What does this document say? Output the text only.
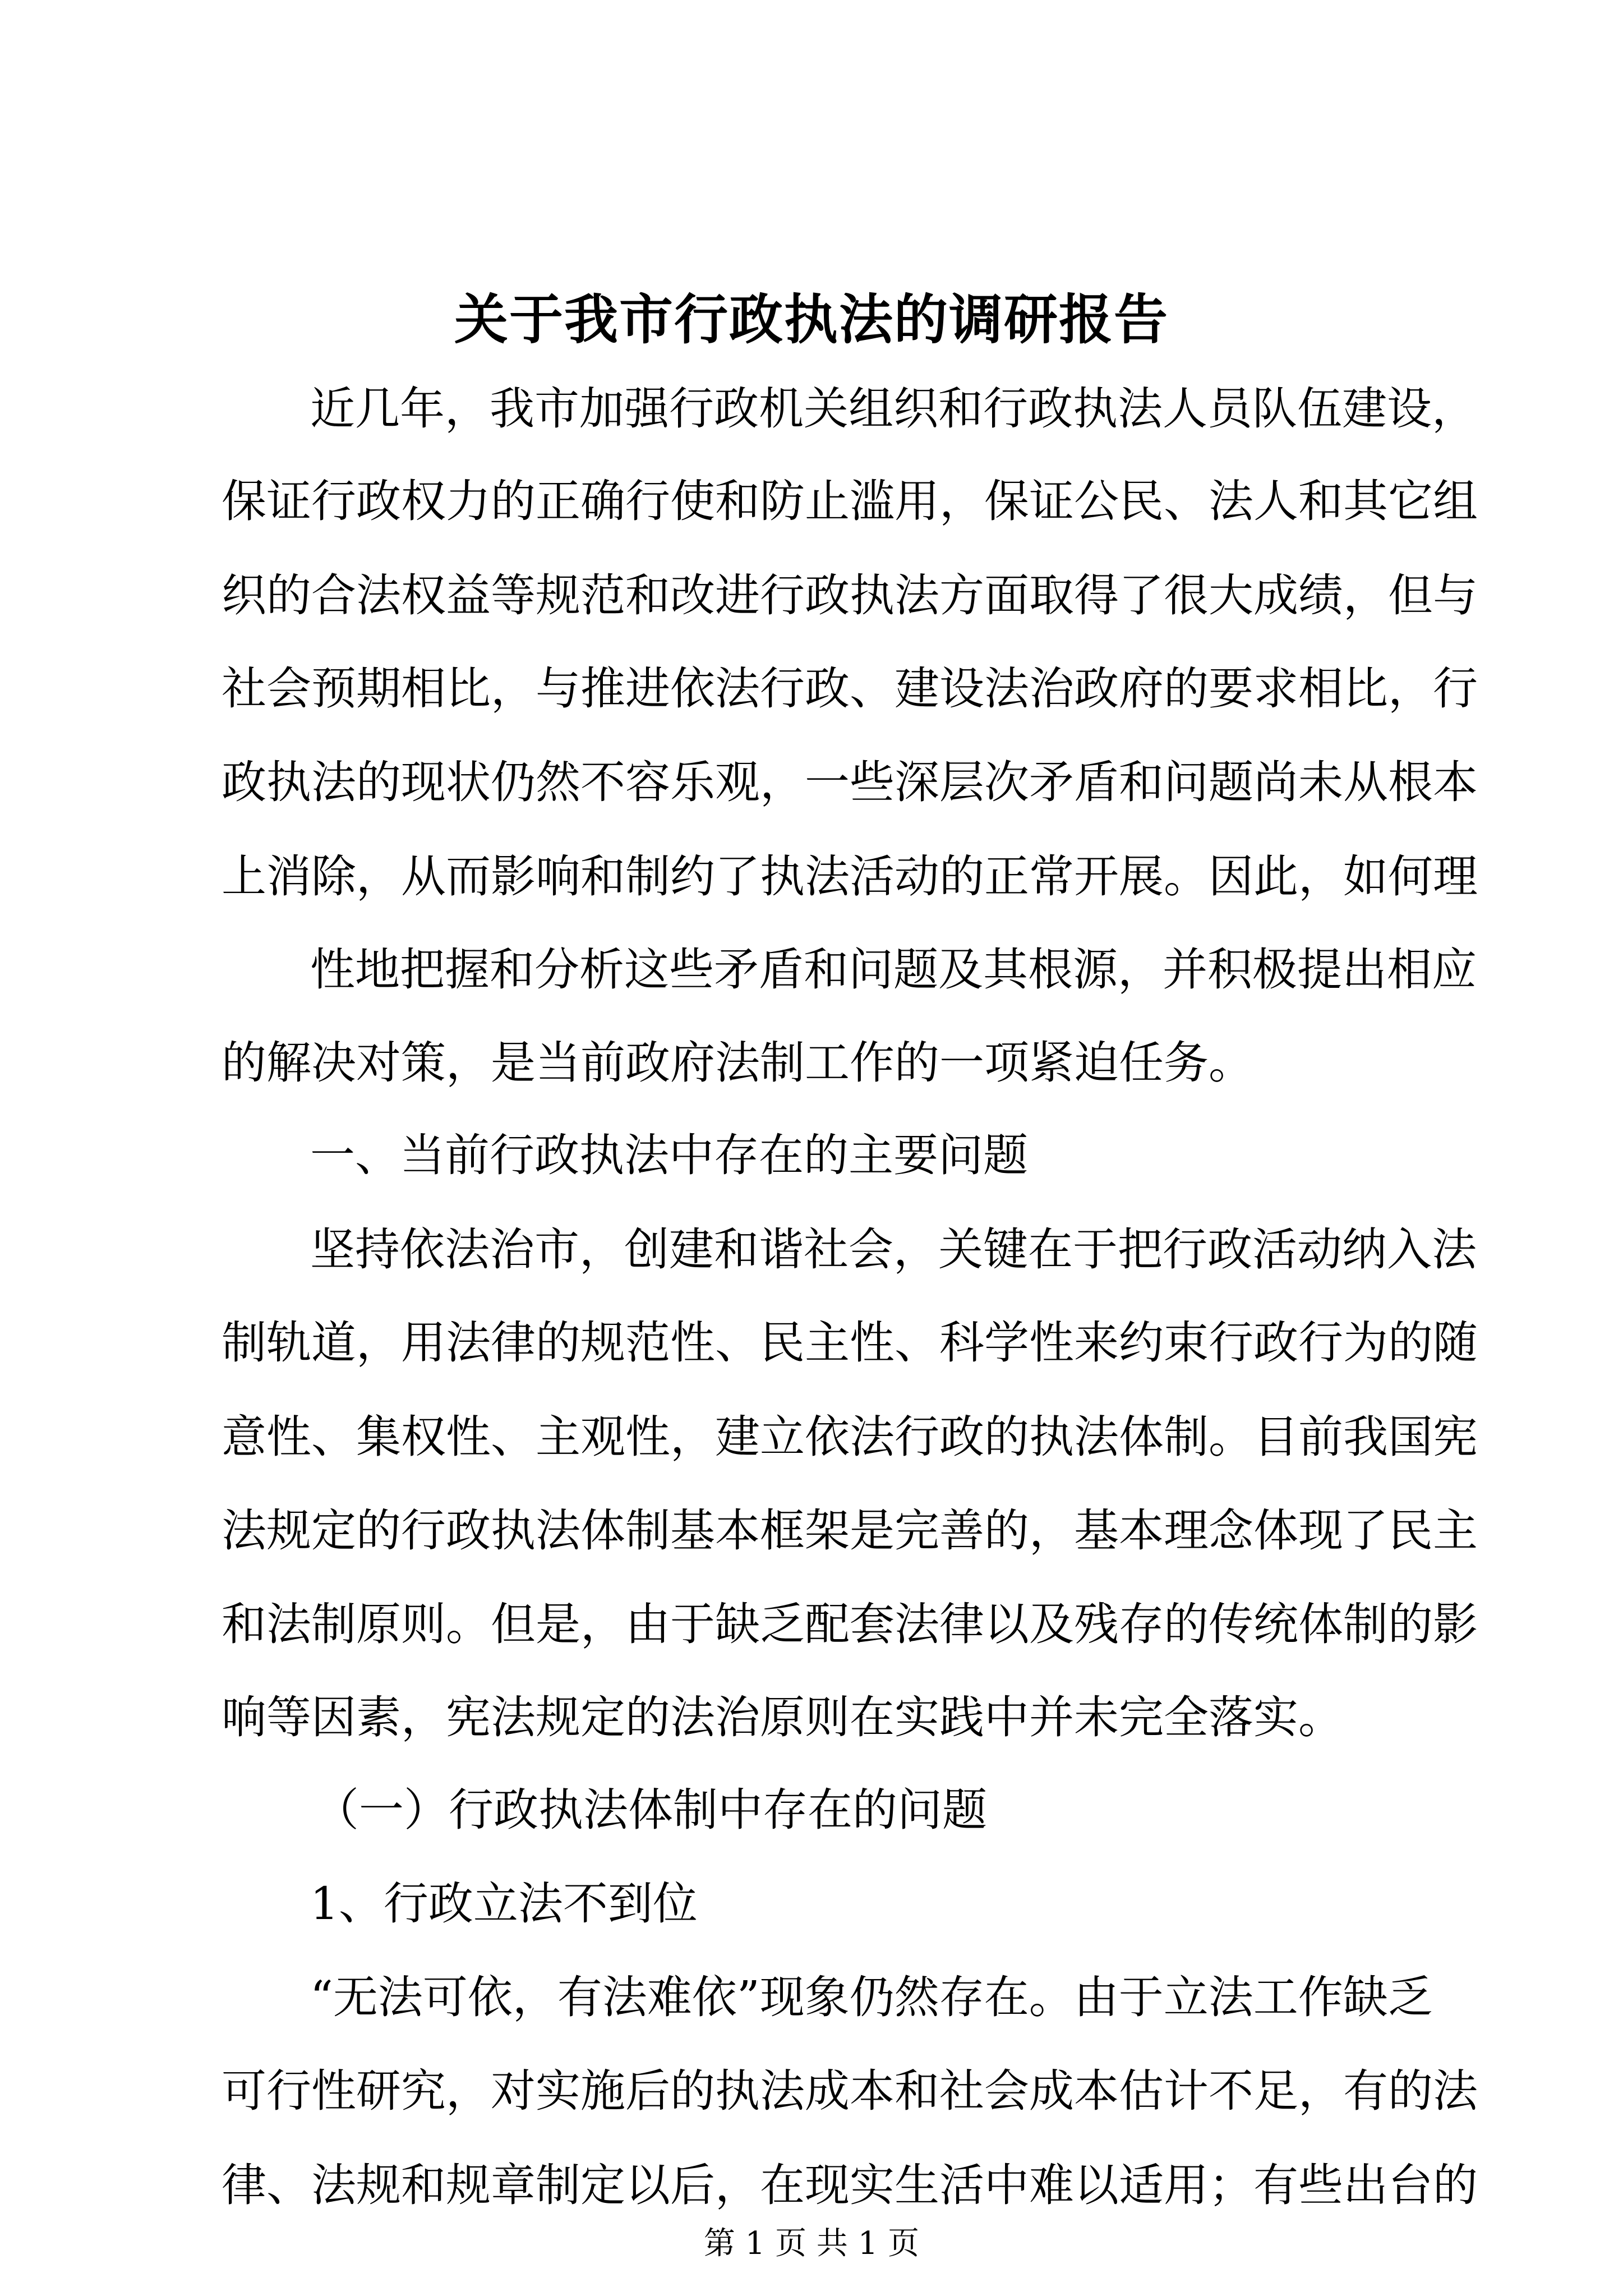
关于我市行政执法的调研报告
近几年，我市加强行政机关组织和行政执法人员队伍建设，
保证行政权力的正确行使和防止滥用，保证公民、法人和其它组
织的合法权益等规范和改进行政执法方面取得了很大成绩，但与
社会预期相比，与推进依法行政、建设法治政府的要求相比，行
政执法的现状仍然不容乐观，一些深层次矛盾和问题尚未从根本
上消除，从而影响和制约了执法活动的正常开展。因此，如何理
性地把握和分析这些矛盾和问题及其根源，并积极提出相应
的解决对策，是当前政府法制工作的一项紧迫任务。
一、当前行政执法中存在的主要问题
坚持依法治市，创建和谐社会，关键在于把行政活动纳入法
制轨道，用法律的规范性、民主性、科学性来约束行政行为的随
意性、集权性、主观性，建立依法行政的执法体制。目前我国宪
法规定的行政执法体制基本框架是完善的，基本理念体现了民主
和法制原则。但是，由于缺乏配套法律以及残存的传统体制的影
响等因素，宪法规定的法治原则在实践中并未完全落实。
（一）行政执法体制中存在的问题
1、行政立法不到位
“无法可依，有法难依”现象仍然存在。由于立法工作缺乏
可行性研究，对实施后的执法成本和社会成本估计不足，有的法
律、法规和规章制定以后，在现实生活中难以适用；有些出台的
第 1 页 共 1 页
